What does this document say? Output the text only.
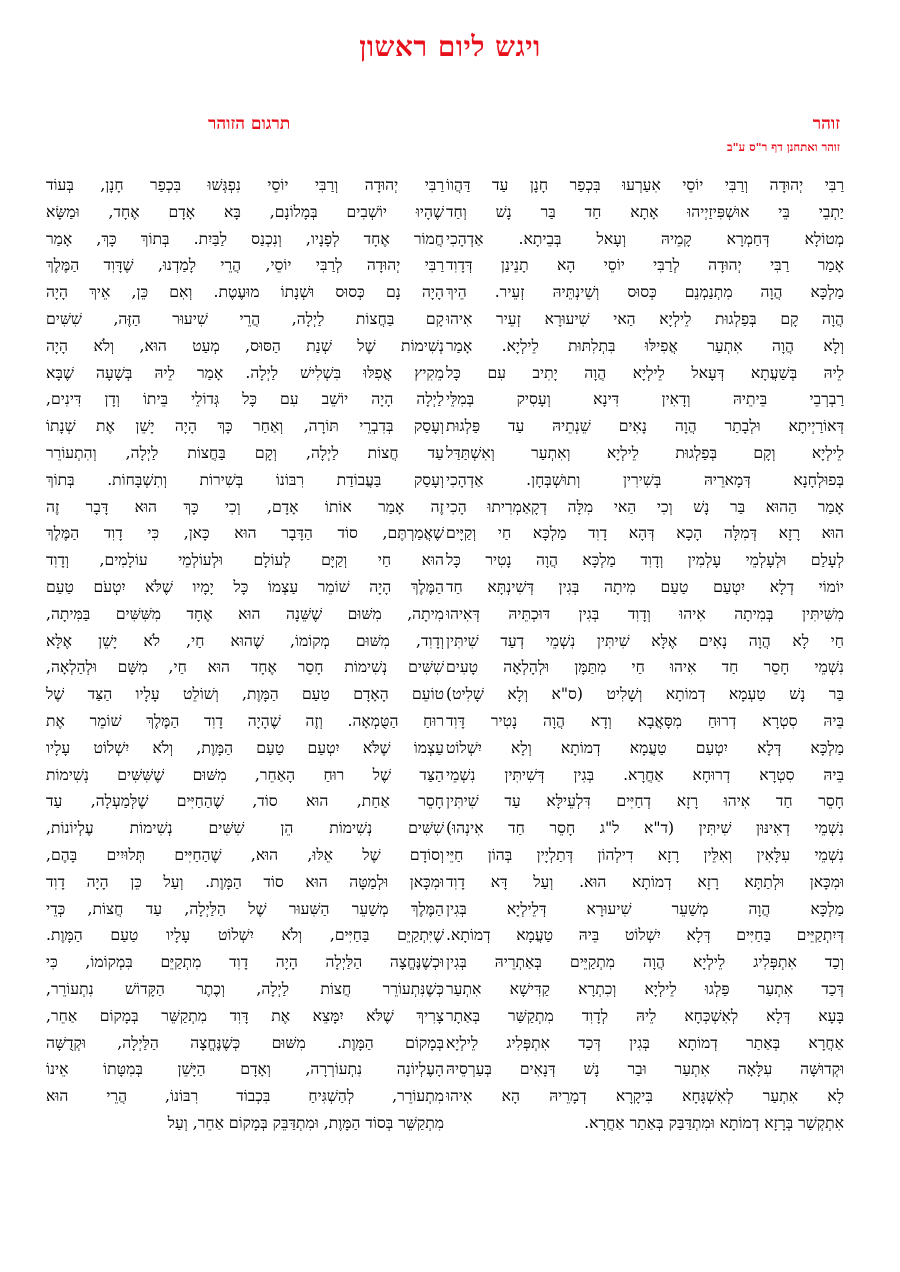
ויגש ליום ראשון
זוהר
תרגום הזוהר
זוהר ואתחנן דף ר"ס ע"ב
רַבִּי יְהוּדָה וְרַבִּי יוֹסֵי אִעַרְעוּ בִּכְפַר חָנָן עַד דַּהֲווֹ
יַתְבֵי בֵּי אוּשְׁפִּיזַיְיהוּ אָתָא חַד בַּר נָשׁ וְחַד
מְטוֹלָא דְּחַמְרָא קָמֵיהּ וְעָאל בְּבֵיתָא. אַדְהָכִי
אָמַר רַבִּי יְהוּדָה לְרַבִּי יוֹסֵי הָא תָנֵינַן דְּדָוִד
מַלְכָּא הֲוָה מִתְנַמְנֵם כְּסוּס וְשֵׁינְתֵּיהּ זְעֵיר. הֵיךְ
הֲוָה קָם בְּפַלְגוּת לֵילְיָא הַאי שִׁיעוּרָא זְעֵיר אִיהוּ
וְלָא הֲוָה אִתְעַר אֲפִילּוּ בִּתְלִתּוּת לֵילְיָא. אָמַר
לֵיהּ בְּשַׁעֲתָא דְּעָאל לֵילְיָא הֲוָה יָתִיב עִם כָּל
רַבְרְבֵי בֵּיתֵיהּ וְדָאִין דִּינָא וְעָסִיק בְּמִלֵּי
דְּאוֹרַיְיתָא וּלְבָתַר הֲוָה נָאִים שֵׁנְתֵיהּ עַד פַּלְגוּת
לֵילְיָא וְקָם בְּפַלְגוּת לֵילְיָא וְאִתְעַר וְאִשְׁתַּדַּל
בְּפוּלְחָנָא דְּמָארֵיהּ בְּשִׁירִין וְתוּשְׁבְּחָן. אַדְהָכִי
אָמַר הַהוּא בַּר נָשׁ וְכִי הַאי מִלָּה דְקָאַמְרִיתוּ הָכִי
הוּא רָזָא דְּמִלָּה הָכָא דְּהָא דָוִד מַלְכָּא חַי וְקַיָּים
לְעָלַם וּלְעָלְמֵי עָלְמִין וְדָוִד מַלְכָּא הֲוָה נָטִיר כָּל
יוֹמוֹי דְלָא יִטְעַם טַעַם מִיתָה בְּגִין דְּשִׁינְתָּא חַד
מִשִּׁיתִּין בְּמִיתָה אִיהוּ וְדָוִד בְּגִין דּוּכְתֵּיהּ דְּאִיהוּ
חַי לָא הֲוָה נָאִים אֶלָּא שִׁיתִּין נִשְׁמֵי דְעַד שִׁיתִּין
נִשְׁמֵי חָסֵר חַד אִיהוּ חַי מִתַּמָּן וּלְהָלְאָה טָעִים
בַּר נָשׁ טַעְמָא דְמוֹתָא וְשָׁלִיט (ס"א וְלָא שָׁלִיט)
בֵּיהּ סִטְרָא דְרוּחַ מִסָּאֲבָא וְדָא הֲוָה נָטִיר דָּוִד
מַלְכָּא דְּלָא יִטְעַם טַעֲמָא דְמוֹתָא וְלָא יִשְׁלוֹט
בֵּיהּ סִטְרָא דְרוּחָא אַחֲרָא. בְּגִין דְּשִׁיתִּין נִשְׁמֵי
חָסֵר חַד אִיהוּ רָזָא דְחַיִּים דִּלְעֵילָּא עַד שִׁיתִּין
נִשְׁמֵי דְאִינּוּן שִׁיתִּין (ד"א ל"ג חָסֵר חַד אִינְהוּ)
נִשְׁמֵי עִלָּאִין וְאִלֵּין רָזָא דִילְהוֹן דְּתַלְיָין בְּהוֹן חַיֵּי
וּמִכָּאן וּלְתַתָּא רָזָא דְמוֹתָא הוּא. וְעַל דָּא דָוִד
מַלְכָּא הֲוָה מְשַׁעֵר שִׁיעוּרָא דְּלֵילְיָא בְּגִין
דְּיִתְקַיֵּים בַּחַיִּים דְּלָא יִשְׁלוֹט בֵּיהּ טַעֲמָא דְמוֹתָא.
וְכַד אִתְפְּלִיג לֵילְיָא הֲוָה מִתְקַיֵּים בְּאַתְרֵיהּ בְּגִין
דְּכַד אִתְעַר פַּלְגוּ לֵילְיָא וְכִתְרָא קַדִּישָׁא אִתְעַר
בָּעָא דְּלָא לְאִשְׁכְּחָא לֵיהּ לְדָוִד מִתְקַשַּׁר בְּאַתָר
אַחֲרָא בְּאַתַר דְמוֹתָא בְּגִין דְּכַד אִתְפְּלִיג לֵילְיָא
וּקְדוּשָּׁה עִלָּאָה אִתְעַר וּבַר נָשׁ דְּנָאִים בְּעַרְסֵיהּ
לָא אִתְעַר לְאִשְׁגָּחָא בִּיקָרָא דְמָרֵיהּ הָא אִיהוּ
אִתְקְשַׁר בְּרָזָא דְמוֹתָא וּמִתְדַּבַּק בְּאַתַר אַחֲרָא.
רַבִּי יְהוּדָה וְרַבִּי יוֹסֵי נִפְגְּשׁוּ בִּכְפַר חָנָן, בְּעוֹד
שֶׁהָיוּ יוֹשְׁבִים בְּמָלוֹנָם, בָּא אָדָם אֶחָד, וּמַשָּׂא
חֲמוֹר אֶחָד לְפָנָיו, וְנִכְנַס לַבַּיִת. בְּתוֹךְ כָּךְ, אָמַר
רַבִּי יְהוּדָה לְרַבִּי יוֹסֵי, הֲרֵי לָמַדְנוּ, שֶׁדָּוִד הַמֶּלֶךְ
הָיָה נָם כְּסוּס וּשְׁנָתוֹ מוּעֶטֶת. וְאִם כֵּן, אֵיךְ הָיָה
קָם בַּחֲצוֹת לַיְלָה, הֲרֵי שִׁיעוּר הַזֶּה, שִׁשִּׁים
נְשִׁימוֹת שֶׁל שְׁנַת הַסּוּס, מְעַט הוּא, וְלֹא הָיָה
מֵקִיץ אֲפִלּוּ בִּשְׁלִישׁ לַיְלָה. אָמַר לֵיהּ בְּשָׁעָה שֶׁבָּא
לַיְלָה הָיָה יוֹשֵׁב עִם כָּל גְּדוֹלֵי בֵּיתוֹ וְדָן דִּינִים,
וְעָסַק בְּדִבְרֵי תּוֹרָה, וְאַחַר כָּךְ הָיָה יָשֵׁן אֶת שְׁנָתוֹ
עַד חֲצוֹת לַיְלָה, וְקָם בַּחֲצוֹת לַיְלָה, וְהִתְעוֹרֵר
וְעָסַק בַּעֲבוֹדַת רִבּוֹנוֹ בְּשִׁירוֹת וְתִשְׁבָּחוֹת. בְּתוֹךְ
זֶה אָמַר אוֹתוֹ אָדָם, וְכִי כָּךְ הוּא דָּבָר זֶה
שֶׁאֲמַרְתֶּם, סוֹד הַדָּבָר הוּא כָּאן, כִּי דָוִד הַמֶּלֶךְ
הוּא חַי וְקַיָּם לְעוֹלָם וּלְעוֹלְמֵי עוֹלָמִים, וְדָוִד
הַמֶּלֶךְ הָיָה שׁוֹמֵר עַצְמוֹ כָּל יָמָיו שֶׁלֹּא יִטְעֹם טַעַם
מִיתָה, מִשּׁוּם שֶׁשֵּׁנָה הוּא אֶחָד מִשִּׁשִּׁים בַּמִּיתָה,
וְדָוִד, מִשּׁוּם מְקוֹמוֹ, שֶׁהוּא חַי, לֹא יָשֵׁן אֶלָּא
שִׁשִּׁים נְשִׁימוֹת חָסֵר אֶחָד הוּא חַי, מִשָּׁם וּלְהַלְאָה,
טוֹעֵם הָאָדָם טַעַם הַמָּוֶת, וְשׁוֹלֵט עָלָיו הַצַּד שֶׁל
רוּחַ הַטֻּמְאָה. וְזֶה שֶׁהָיָה דָוִד הַמֶּלֶךְ שׁוֹמֵר אֶת
עַצְמוֹ שֶׁלֹּא יִטְעַם טַעַם הַמָּוֶת, וְלֹא יִשְׁלוֹט עָלָיו
הַצַּד שֶׁל רוּחַ הָאַחֵר, מִשּׁוּם שֶׁשִּׁשִּׁים נְשִׁימוֹת
חָסֵר אַחַת, הוּא סוֹד, שֶׁהַחַיִּים שֶׁלְּמַעְלָה, עַד
שִׁשִּׁים נְשִׁימוֹת הֵן שִׁשִּׁים נְשִׁימוֹת עֶלְיוֹנוֹת,
וְסוֹדָם שֶׁל אֵלּוּ, הוּא, שֶׁהַחַיִּים תְּלוּיִים בָּהֶם,
וּמִכָּאן וּלְמַטָּה הוּא סוֹד הַמָּוֶת. וְעַל כֵּן הָיָה דָוִד
הַמֶּלֶךְ מְשַׁעֵר הַשִּׁעוּר שֶׁל הַלַּיְלָה, עַד חֲצוֹת, כְּדֵי
שֶׁיִּתְקַיֵּם בַּחַיִּים, וְלֹא יִשְׁלוֹט עָלָיו טַעַם הַמָּוֶת.
וּכְשֶׁנֶּחֱצָה הַלַּיְלָה הָיָה דָוִד מִתְקַיֵּם בִּמְקוֹמוֹ, כִּי
כְּשֶׁנִּתְעוֹרֵר חֲצוֹת לַיְלָה, וְכֶתֶר הַקָּדוֹשׁ נִתְעוֹרֵר,
צָרִיךְ שֶׁלֹּא יִמָּצֵא אֶת דָּוִד מִתְקַשֵּׁר בְּמָקוֹם אַחֵר,
בְּמָקוֹם הַמָּוֶת. מִשּׁוּם כְּשֶׁנֶּחֱצָה הַלַּיְלָה, וּקְדֻשָּׁה
הָעֶלְיוֹנָה נִתְעוֹרְרָה, וְאָדָם הַיָּשֵׁן בְּמִטָּתוֹ אֵינוֹ
מִתְעוֹרֵר, לְהַשְׁגִּיחַ בִּכְבוֹד רִבּוֹנוֹ, הֲרֵי הוּא
מִתְקַשֵּׁר בְּסוֹד הַמָּוֶת, וּמִתְדַּבֵּק בְּמָקוֹם אַחֵר, וְעַל
